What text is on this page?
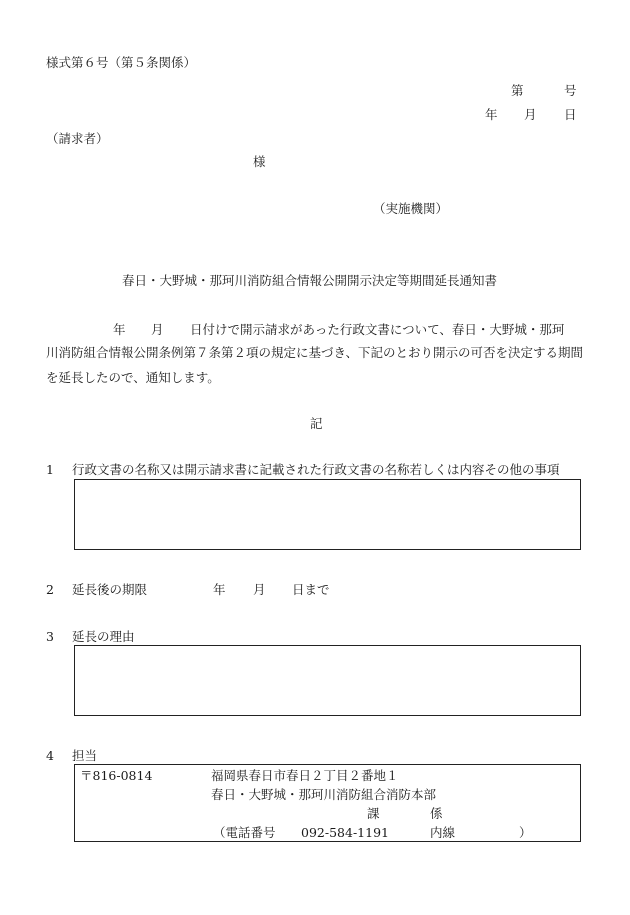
様式第６号（第５条関係）
第	号
年 月 日
（請求者）
様
（実施機関）
春日・大野城・那珂川消防組合情報公開開示決定等期間延長通知書
年 月 日付けで開示請求があった行政文書について、春日・大野城・那珂
川消防組合情報公開条例第７条第２項の規定に基づき、下記のとおり開示の可否を決定する期間を延長したので、通知します。
記
1 行政文書の名称又は開示請求書に記載された行政文書の名称若しくは内容その他の事項
2 延長後の期限	年 月 日まで
3 延長の理由
4 担当
〒816-0814	福岡県春日市春日２丁目２番地１
春日・大野城・那珂川消防組合消防本部
課	係
（電話番号 092-584-1191	内線	）
